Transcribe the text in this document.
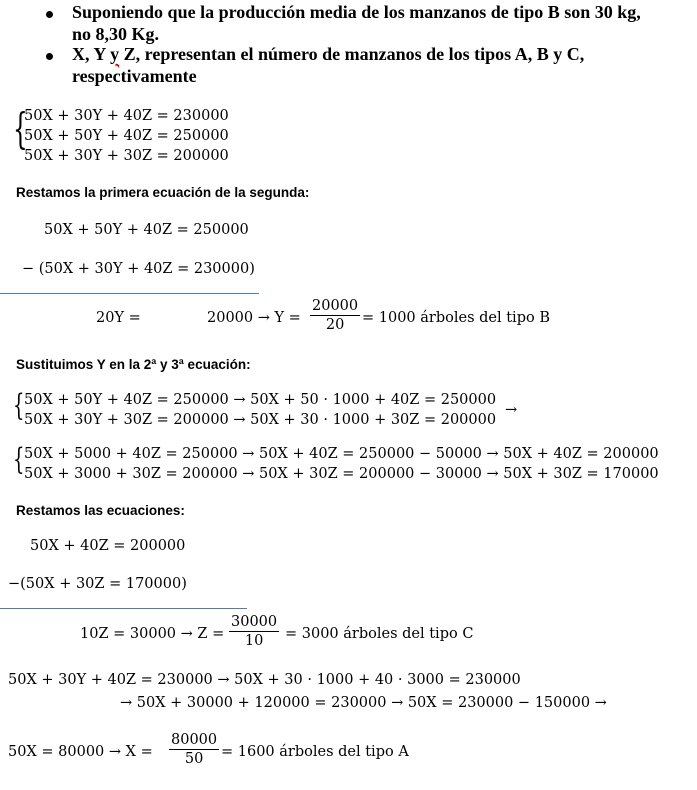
Suponiendo que la producción media de los manzanos de tipo B son 30 kg,
no 8,30 Kg.
X, Y y Z, representan el número de manzanos de los tipos A, B y C,
respectivamente
{
50X + 30Y + 40Z = 230000
50X + 50Y + 40Z = 250000
50X + 30Y + 30Z = 200000
Restamos la primera ecuación de la segunda:
50X + 50Y + 40Z = 250000
− (50X + 30Y + 40Z = 230000)
20Y =	$20000 \to Y = \frac{20000}{20} = 1000$ árboles del tipo B
Sustituimos Y en la 2ª y 3ª ecuación:
{ 50X + 50Y + 40Z = 250000 → 50X + 50 · 1000 + 40Z = 250000
50X + 30Y + 30Z = 200000 → 50X + 30 · 1000 + 30Z = 200000
→
{ 50X + 5000 + 40Z = 250000 → 50X + 40Z = 250000 − 50000 → 50X + 40Z = 200000
50X + 3000 + 30Z = 200000 → 50X + 30Z = 200000 − 30000 → 50X + 30Z = 170000
Restamos las ecuaciones:
50X + 40Z = 200000
−(50X + 30Z = 170000)
$10Z = 30000 \to Z = \frac{30000}{10} = 3000$ árboles del tipo C
50X + 30Y + 40Z = 230000 → 50X + 30 · 1000 + 40 · 3000 = 230000
→ 50X + 30000 + 120000 = 230000 → 50X = 230000 − 150000 →
$50X = 80000 \to X = \frac{80000}{50} = 1600$ árboles del tipo A
